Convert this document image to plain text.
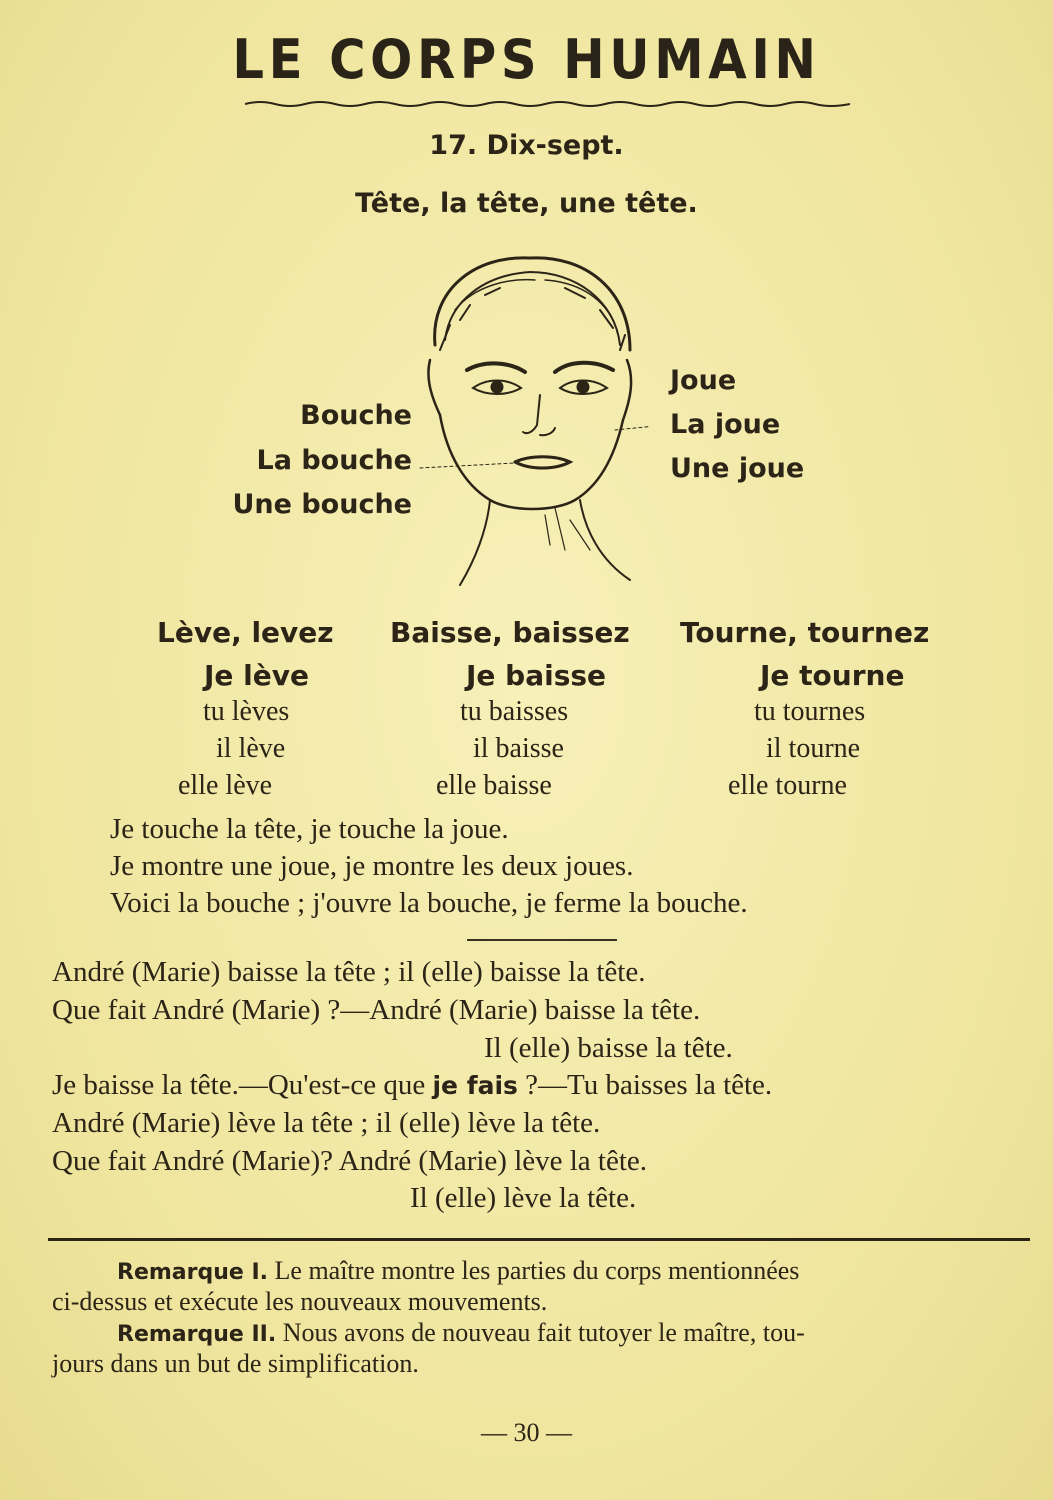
LE CORPS HUMAIN
17. Dix-sept.
Tête, la tête, une tête.
Bouche
La bouche
Une bouche
Joue
La joue
Une joue
Lève, levez
Je lève
tu lèves
il lève
elle lève
Baisse, baissez
Je baisse
tu baisses
il baisse
elle baisse
Tourne, tournez
Je tourne
tu tournes
il tourne
elle tourne
Je touche la tête, je touche la joue.
Je montre une joue, je montre les deux joues.
Voici la bouche ; j'ouvre la bouche, je ferme la bouche.
André (Marie) baisse la tête ; il (elle) baisse la tête.
Que fait André (Marie) ?—André (Marie) baisse la tête.
Il (elle) baisse la tête.
Je baisse la tête.—Qu'est-ce que je fais ?—Tu baisses la tête.
André (Marie) lève la tête ; il (elle) lève la tête.
Que fait André (Marie)? André (Marie) lève la tête.
Il (elle) lève la tête.
Remarque I. Le maître montre les parties du corps mentionnées
ci-dessus et exécute les nouveaux mouvements.
Remarque II. Nous avons de nouveau fait tutoyer le maître, tou-
jours dans un but de simplification.
— 30 —
